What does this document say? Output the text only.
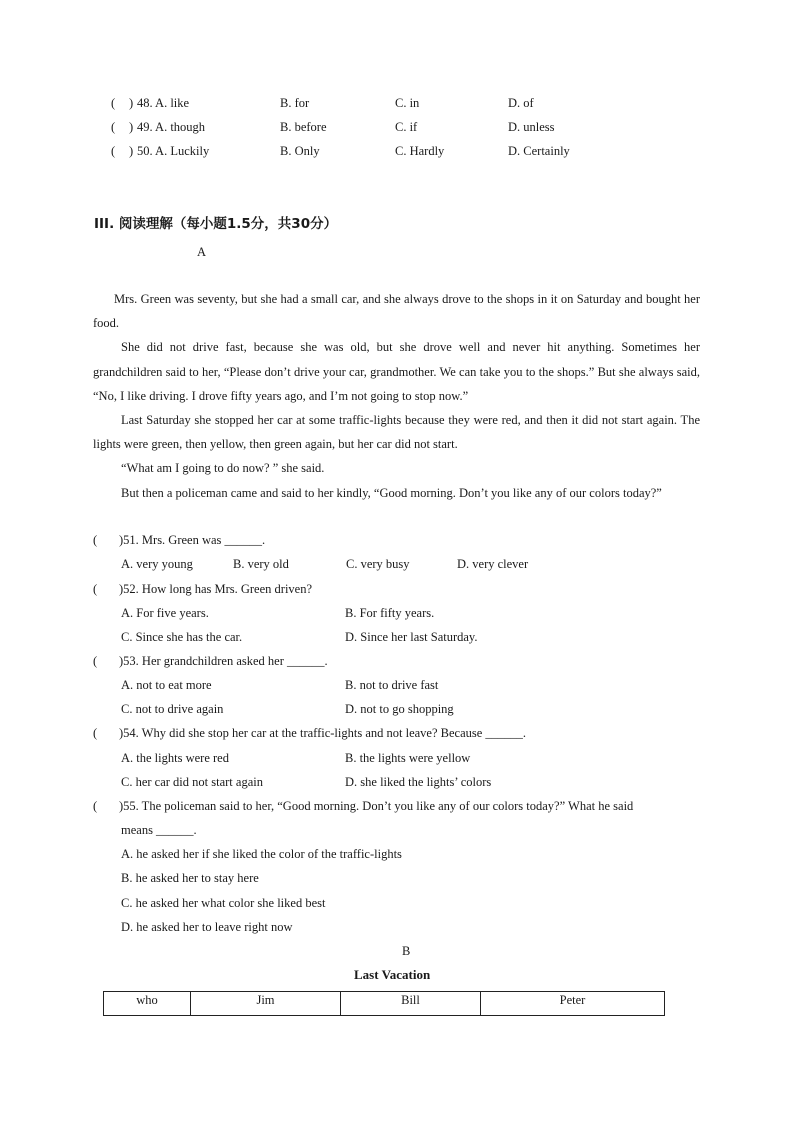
( ) 48. A. like	B. for	C. in	D. of
( ) 49. A. though	B. before	C. if	D. unless
( ) 50. A. Luckily	B. Only	C. Hardly	D. Certainly
III. 阅读理解（每小题1.5分，共30分）
A

Mrs. Green was seventy, but she had a small car, and she always drove to the shops in it on Saturday and bought her food.

She did not drive fast, because she was old, but she drove well and never hit anything. Sometimes her grandchildren said to her, “Please don’t drive your car, grandmother. We can take you to the shops.” But she always said, “No, I like driving. I drove fifty years ago, and I’m not going to stop now.”

Last Saturday she stopped her car at some traffic-lights because they were red, and then it did not start again. The lights were green, then yellow, then green again, but her car did not start.

“What am I going to do now? ” she said.

But then a policeman came and said to her kindly, “Good morning. Don’t you like any of our colors today?”

( )51. Mrs. Green was ______.
A. very young	B. very old	C. very busy	D. very clever
( )52. How long has Mrs. Green driven?
A. For five years.	B. For fifty years.
C. Since she has the car.	D. Since her last Saturday.
( )53. Her grandchildren asked her ______.
A. not to eat more	B. not to drive fast
C. not to drive again	D. not to go shopping
( )54. Why did she stop her car at the traffic-lights and not leave? Because ______.
A. the lights were red	B. the lights were yellow
C. her car did not start again	D. she liked the lights’ colors
( )55. The policeman said to her, “Good morning. Don’t you like any of our colors today?” What he said
means ______.
A. he asked her if she liked the color of the traffic-lights
B. he asked her to stay here
C. he asked her what color she liked best
D. he asked her to leave right now
B
Last Vacation
who	Jim	Bill	Peter
